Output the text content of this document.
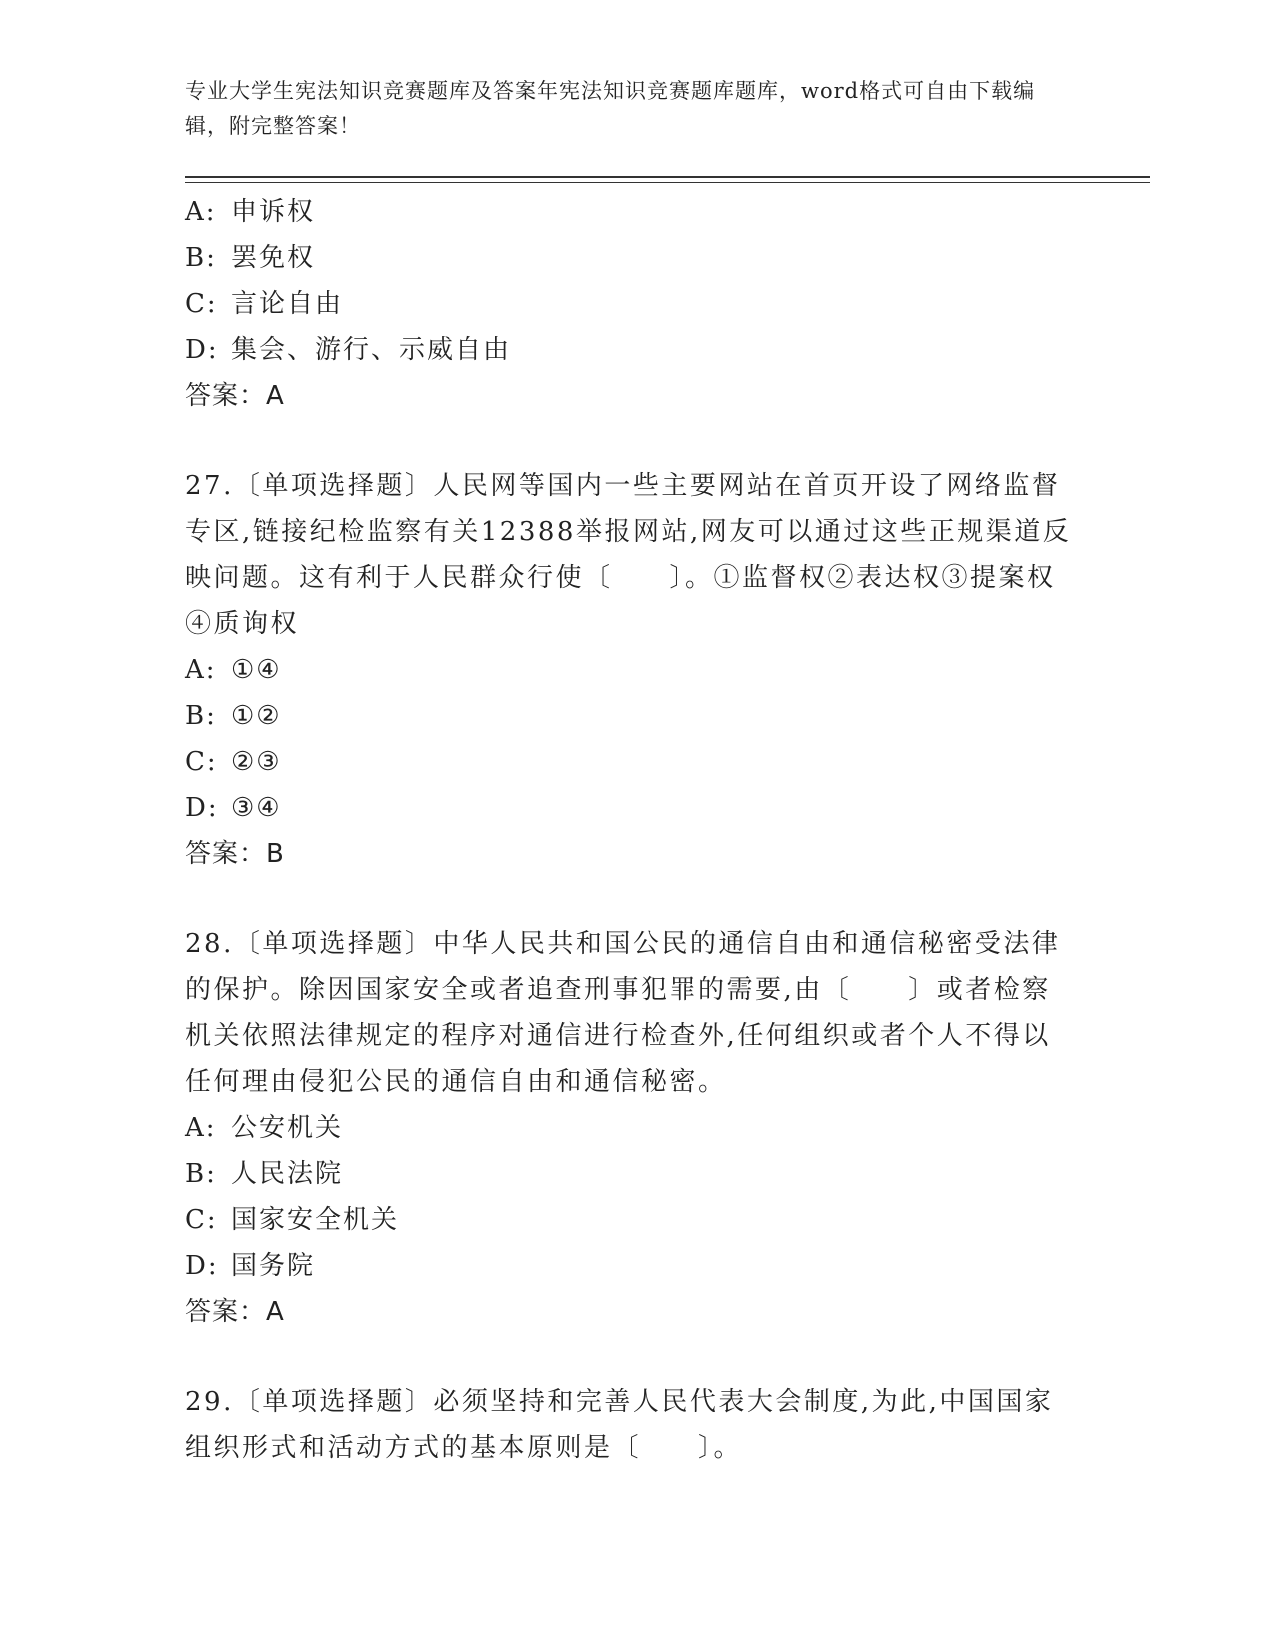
专业大学生宪法知识竞赛题库及答案年宪法知识竞赛题库题库，word格式可自由下载编辑，附完整答案！
A: 申诉权
B: 罢免权
C: 言论自由
D: 集会、游行、示威自由
答案：A
27.〔单项选择题〕人民网等国内一些主要网站在首页开设了网络监督专区,链接纪检监察有关12388举报网站,网友可以通过这些正规渠道反映问题。这有利于人民群众行使〔　　〕。①监督权②表达权③提案权④质询权
A: ①④
B: ①②
C: ②③
D: ③④
答案：B
28.〔单项选择题〕中华人民共和国公民的通信自由和通信秘密受法律的保护。除因国家安全或者追查刑事犯罪的需要,由〔　　〕或者检察机关依照法律规定的程序对通信进行检查外,任何组织或者个人不得以任何理由侵犯公民的通信自由和通信秘密。
A: 公安机关
B: 人民法院
C: 国家安全机关
D: 国务院
答案：A
29.〔单项选择题〕必须坚持和完善人民代表大会制度,为此,中国国家组织形式和活动方式的基本原则是〔　　〕。
